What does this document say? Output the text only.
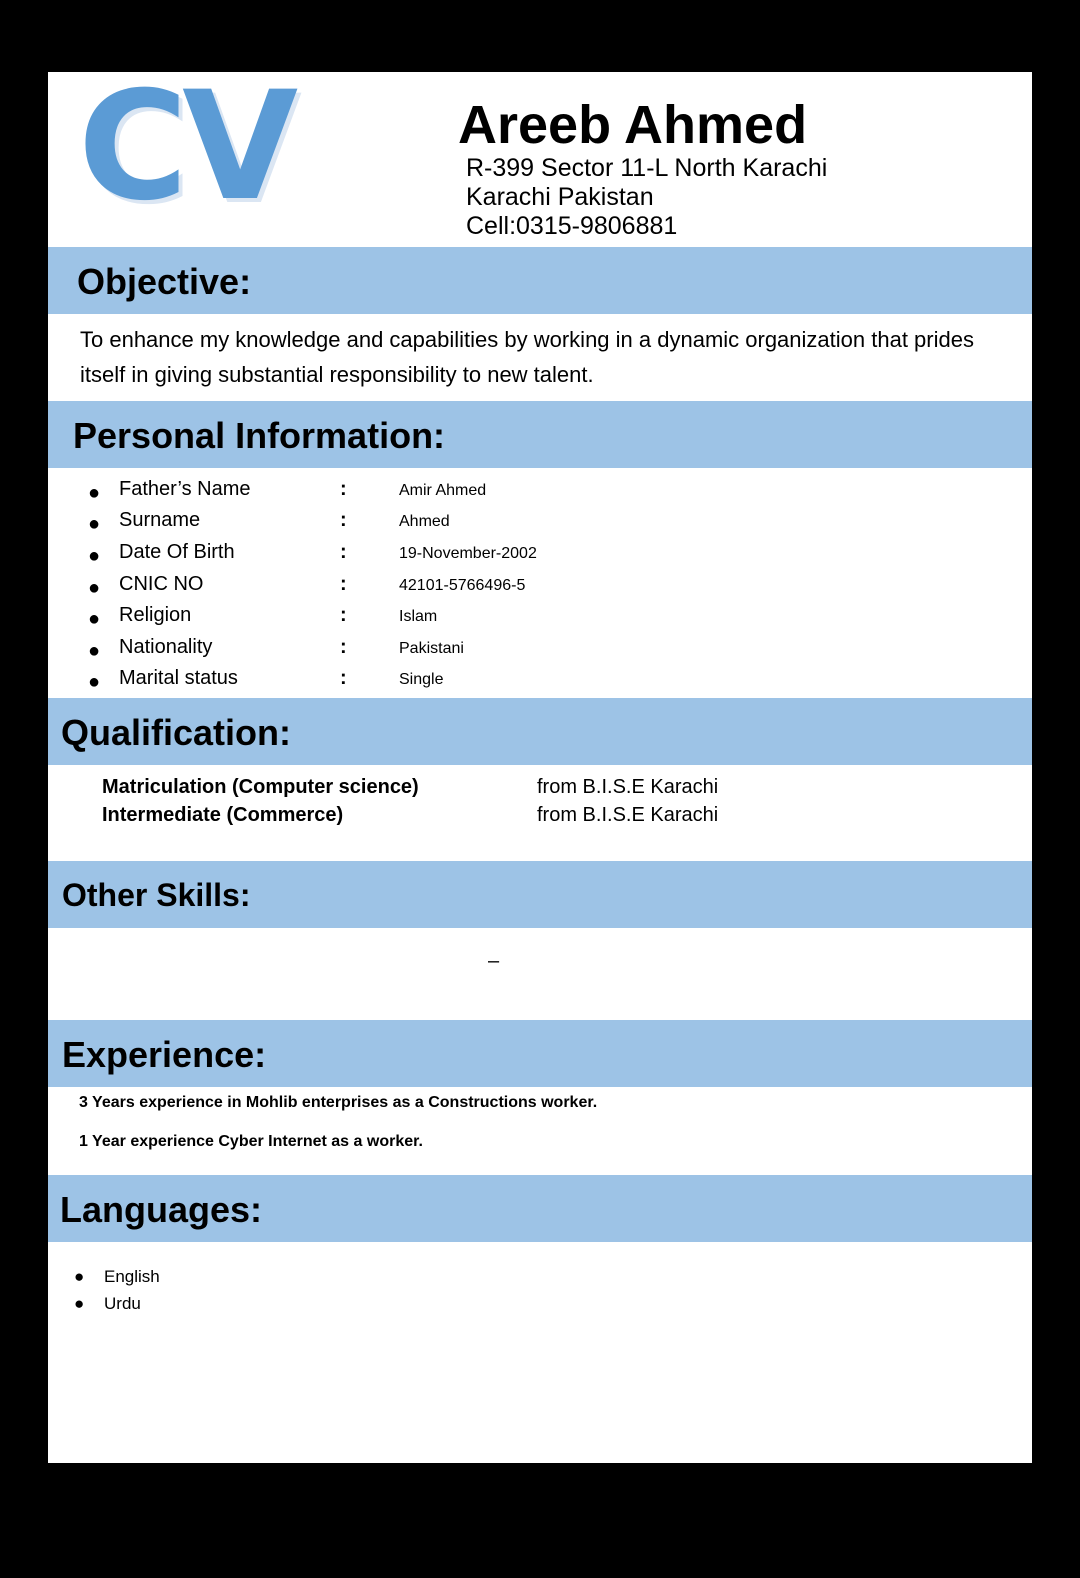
CV	Areeb Ahmed
R-399 Sector 11-L North Karachi
Karachi Pakistan
Cell:0315-9806881
Objective:
To enhance my knowledge and capabilities by working in a dynamic organization that prides itself in giving substantial responsibility to new talent.
Personal Information:
● Father’s Name	:	Amir Ahmed
● Surname	:	Ahmed
● Date Of Birth	:	19-November-2002
● CNIC NO	:	42101-5766496-5
● Religion	:	Islam
● Nationality	:	Pakistani
● Marital status	:	Single
Qualification:
Matriculation (Computer science)	from B.I.S.E Karachi
Intermediate (Commerce)	from B.I.S.E Karachi
Other Skills:
–
Experience:
3 Years experience in Mohlib enterprises as a Constructions worker.
1 Year experience Cyber Internet as a worker.
Languages:
● English
● Urdu
